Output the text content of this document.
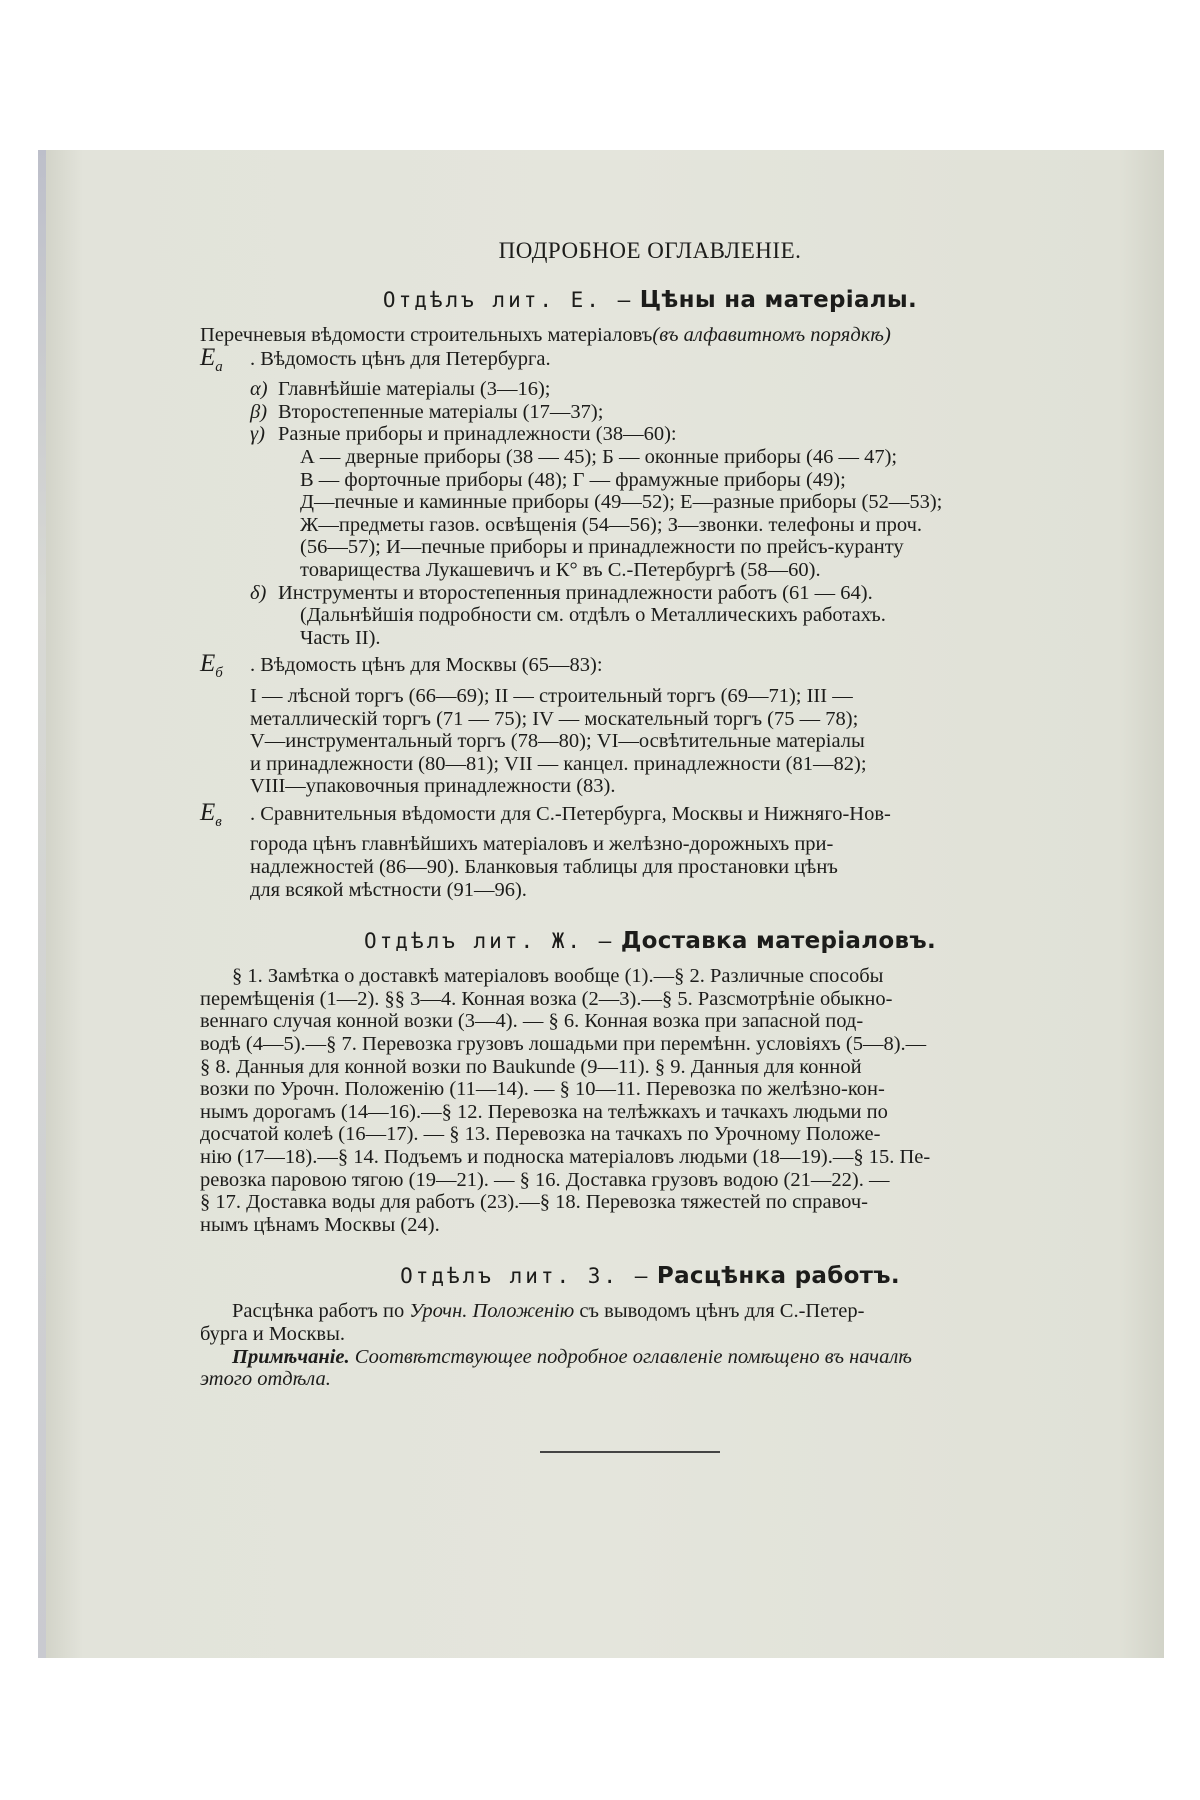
ПОДРОБНОЕ ОГЛАВЛЕНІЕ.
Отдѣлъ лит. Е. — Цѣны на матеріалы.
Перечневыя вѣдомости строительныхъ матеріаловъ(въ алфавитномъ порядкѣ)
$Е_а$ . Вѣдомость цѣнъ для Петербурга.
α) Главнѣйшіе матеріалы (3—16);
β) Второстепенные матеріалы (17—37);
γ) Разные приборы и принадлежности (38—60):
А — дверные приборы (38 — 45); Б — оконные приборы (46 — 47);
В — форточные приборы (48); Г — фрамужные приборы (49);
Д—печные и каминные приборы (49—52); Е—разные приборы (52—53);
Ж—предметы газов. освѣщенія (54—56); З—звонки. телефоны и проч.
(56—57); И—печные приборы и принадлежности по прейсъ-куранту
товарищества Лукашевичъ и К° въ С.-Петербургѣ (58—60).
δ) Инструменты и второстепенныя принадлежности работъ (61 — 64).
(Дальнѣйшія подробности см. отдѣлъ о Металлическихъ работахъ.
Часть II).
$Е_б$ . Вѣдомость цѣнъ для Москвы (65—83):
I — лѣсной торгъ (66—69); II — строительный торгъ (69—71); III —
металлическій торгъ (71 — 75); IV — москательный торгъ (75 — 78);
V—инструментальный торгъ (78—80); VI—освѣтительные матеріалы
и принадлежности (80—81); VII — канцел. принадлежности (81—82);
VIII—упаковочныя принадлежности (83).
$Е_в$ . Сравнительныя вѣдомости для С.-Петербурга, Москвы и Нижняго-Нов-
города цѣнъ главнѣйшихъ матеріаловъ и желѣзно-дорожныхъ при-
надлежностей (86—90). Бланковыя таблицы для простановки цѣнъ
для всякой мѣстности (91—96).
Отдѣлъ лит. Ж. — Доставка матеріаловъ.
§ 1. Замѣтка о доставкѣ матеріаловъ вообще (1).—§ 2. Различные способы
перемѣщенія (1—2). §§ 3—4. Конная возка (2—3).—§ 5. Разсмотрѣніе обыкно-
веннаго случая конной возки (3—4). — § 6. Конная возка при запасной под-
водѣ (4—5).—§ 7. Перевозка грузовъ лошадьми при перемѣнн. условіяхъ (5—8).—
§ 8. Данныя для конной возки по Baukunde (9—11). § 9. Данныя для конной
возки по Урочн. Положенію (11—14). — § 10—11. Перевозка по желѣзно-кон-
нымъ дорогамъ (14—16).—§ 12. Перевозка на телѣжкахъ и тачкахъ людьми по
досчатой колеѣ (16—17). — § 13. Перевозка на тачкахъ по Урочному Положе-
нію (17—18).—§ 14. Подъемъ и подноска матеріаловъ людьми (18—19).—§ 15. Пе-
ревозка паровою тягою (19—21). — § 16. Доставка грузовъ водою (21—22). —
§ 17. Доставка воды для работъ (23).—§ 18. Перевозка тяжестей по справоч-
нымъ цѣнамъ Москвы (24).
Отдѣлъ лит. З. — Расцѣнка работъ.
Расцѣнка работъ по Урочн. Положенію съ выводомъ цѣнъ для С.-Петер-
бурга и Москвы.
Примѣчаніе. Соотвѣтствующее подробное оглавленіе помѣщено въ началѣ
этого отдѣла.
